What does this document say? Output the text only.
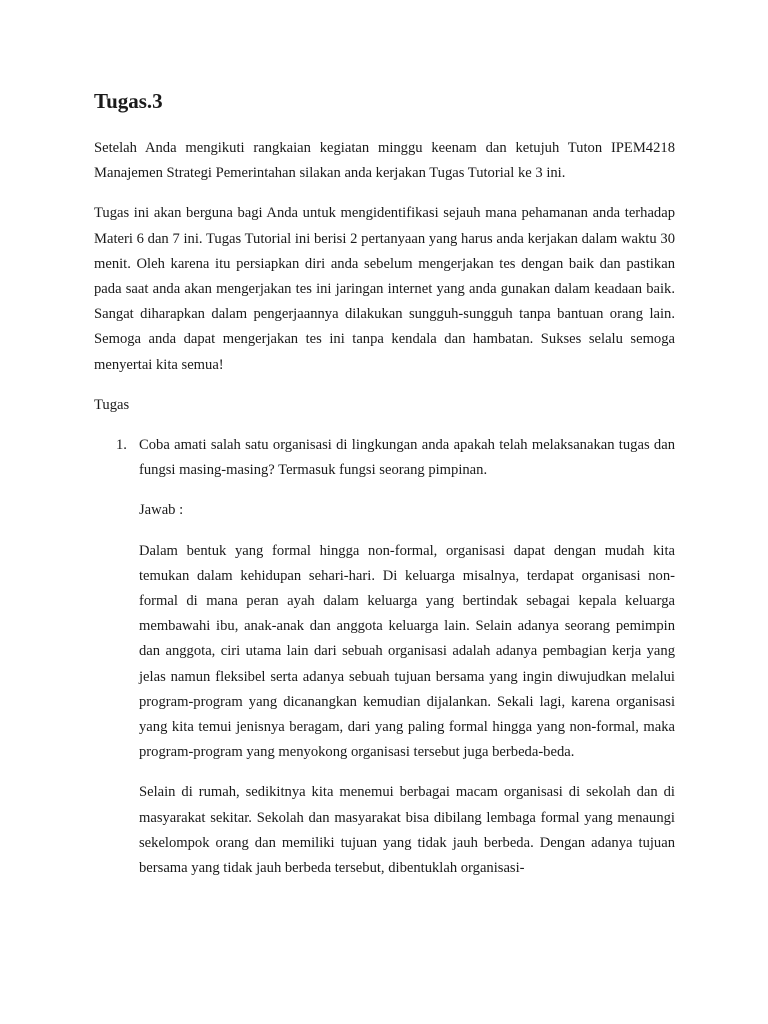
Tugas.3

Setelah Anda mengikuti rangkaian kegiatan minggu keenam dan ketujuh Tuton IPEM4218 Manajemen Strategi Pemerintahan silakan anda kerjakan Tugas Tutorial ke 3 ini.

Tugas ini akan berguna bagi Anda untuk mengidentifikasi sejauh mana pehamanan anda terhadap Materi 6 dan 7 ini. Tugas Tutorial ini berisi 2 pertanyaan yang harus anda kerjakan dalam waktu 30 menit. Oleh karena itu persiapkan diri anda sebelum mengerjakan tes dengan baik dan pastikan pada saat anda akan mengerjakan tes ini jaringan internet yang anda gunakan dalam keadaan baik. Sangat diharapkan dalam pengerjaannya dilakukan sungguh-sungguh tanpa bantuan orang lain. Semoga anda dapat mengerjakan tes ini tanpa kendala dan hambatan. Sukses selalu semoga menyertai kita semua!

Tugas

1. Coba amati salah satu organisasi di lingkungan anda apakah telah melaksanakan tugas dan fungsi masing-masing? Termasuk fungsi seorang pimpinan.

Jawab :

Dalam bentuk yang formal hingga non-formal, organisasi dapat dengan mudah kita temukan dalam kehidupan sehari-hari. Di keluarga misalnya, terdapat organisasi non-formal di mana peran ayah dalam keluarga yang bertindak sebagai kepala keluarga membawahi ibu, anak-anak dan anggota keluarga lain. Selain adanya seorang pemimpin dan anggota, ciri utama lain dari sebuah organisasi adalah adanya pembagian kerja yang jelas namun fleksibel serta adanya sebuah tujuan bersama yang ingin diwujudkan melalui program-program yang dicanangkan kemudian dijalankan. Sekali lagi, karena organisasi yang kita temui jenisnya beragam, dari yang paling formal hingga yang non-formal, maka program-program yang menyokong organisasi tersebut juga berbeda-beda.

Selain di rumah, sedikitnya kita menemui berbagai macam organisasi di sekolah dan di masyarakat sekitar. Sekolah dan masyarakat bisa dibilang lembaga formal yang menaungi sekelompok orang dan memiliki tujuan yang tidak jauh berbeda. Dengan adanya tujuan bersama yang tidak jauh berbeda tersebut, dibentuklah organisasi-
